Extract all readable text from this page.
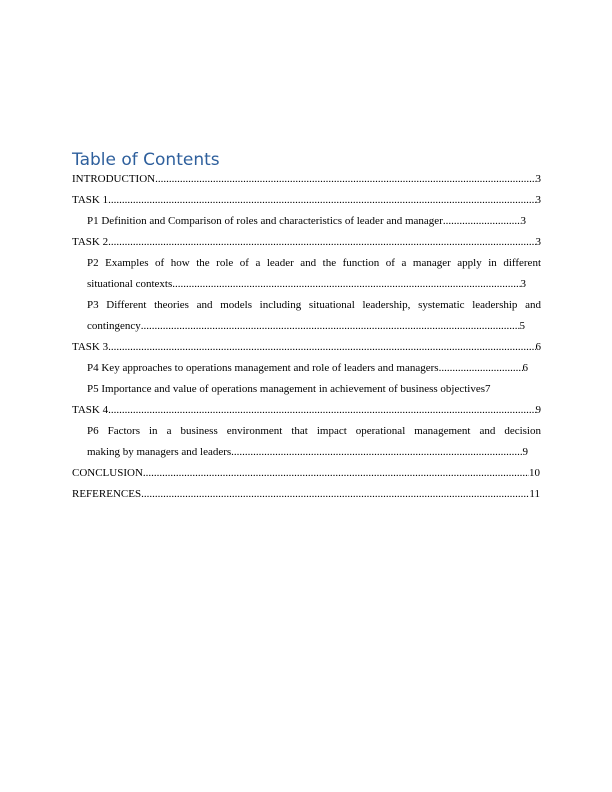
Table of Contents
INTRODUCTION .....	3
TASK 1 .....	3
P1 Definition and Comparison of roles and characteristics of leader and manager .....	3
TASK 2 .....	3
P2 Examples of how the role of a leader and the function of a manager apply in different
situational contexts .....	3
P3 Different theories and models including situational leadership, systematic leadership and
contingency .....	5
TASK 3 .....	6
P4 Key approaches to operations management and role of leaders and managers .....	6
P5 Importance and value of operations management in achievement of business objectives 7
TASK 4 .....	9
P6 Factors in a business environment that impact operational management and decision
making by managers and leaders .....	9
CONCLUSION .....	10
REFERENCES .....	11
